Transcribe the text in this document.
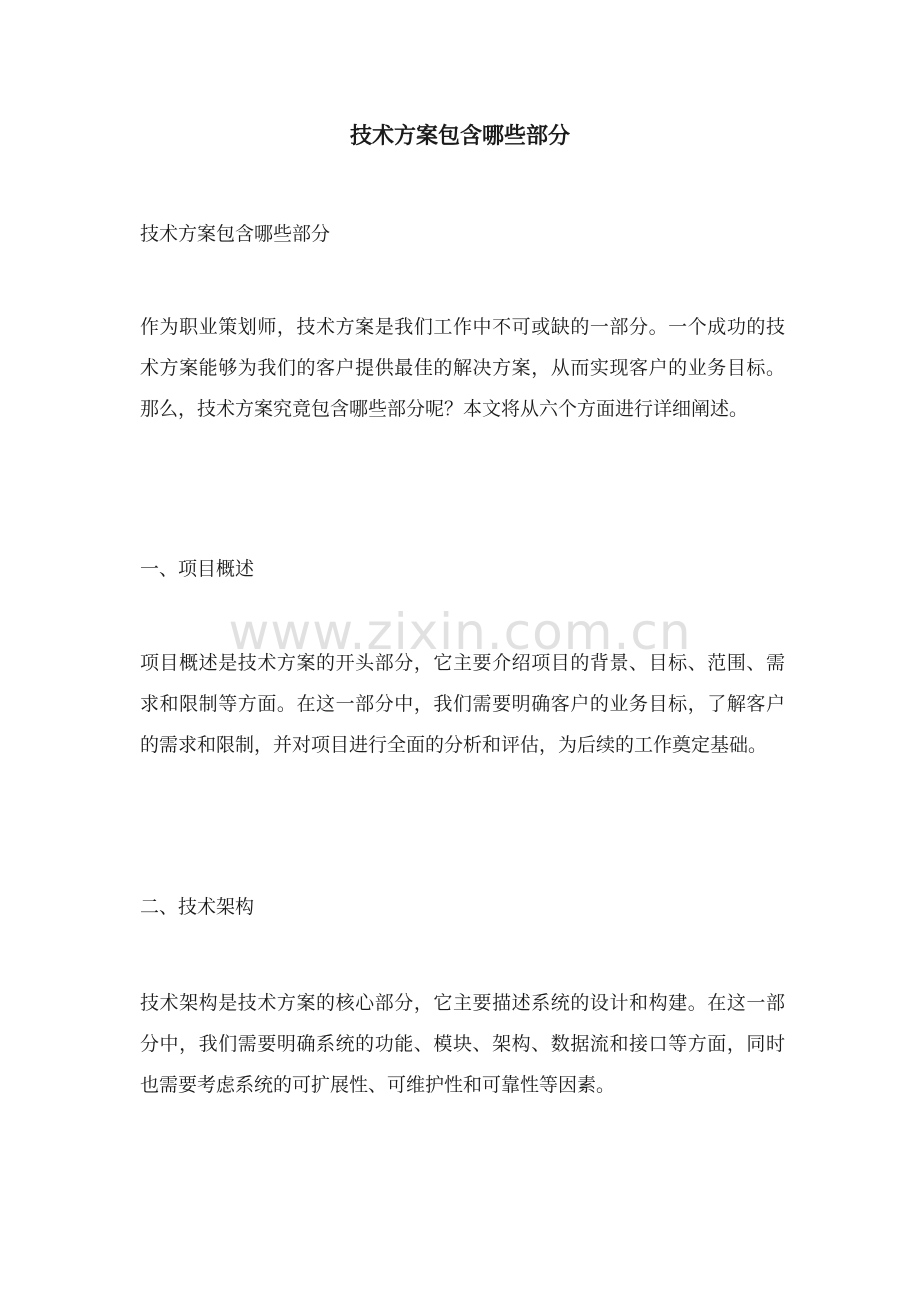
技术方案包含哪些部分

技术方案包含哪些部分

作为职业策划师，技术方案是我们工作中不可或缺的一部分。一个成功的技术方案能够为我们的客户提供最佳的解决方案，从而实现客户的业务目标。那么，技术方案究竟包含哪些部分呢？本文将从六个方面进行详细阐述。

一、项目概述

项目概述是技术方案的开头部分，它主要介绍项目的背景、目标、范围、需求和限制等方面。在这一部分中，我们需要明确客户的业务目标，了解客户的需求和限制，并对项目进行全面的分析和评估，为后续的工作奠定基础。

二、技术架构

技术架构是技术方案的核心部分，它主要描述系统的设计和构建。在这一部分中，我们需要明确系统的功能、模块、架构、数据流和接口等方面，同时也需要考虑系统的可扩展性、可维护性和可靠性等因素。

www.zixin.com.cn
